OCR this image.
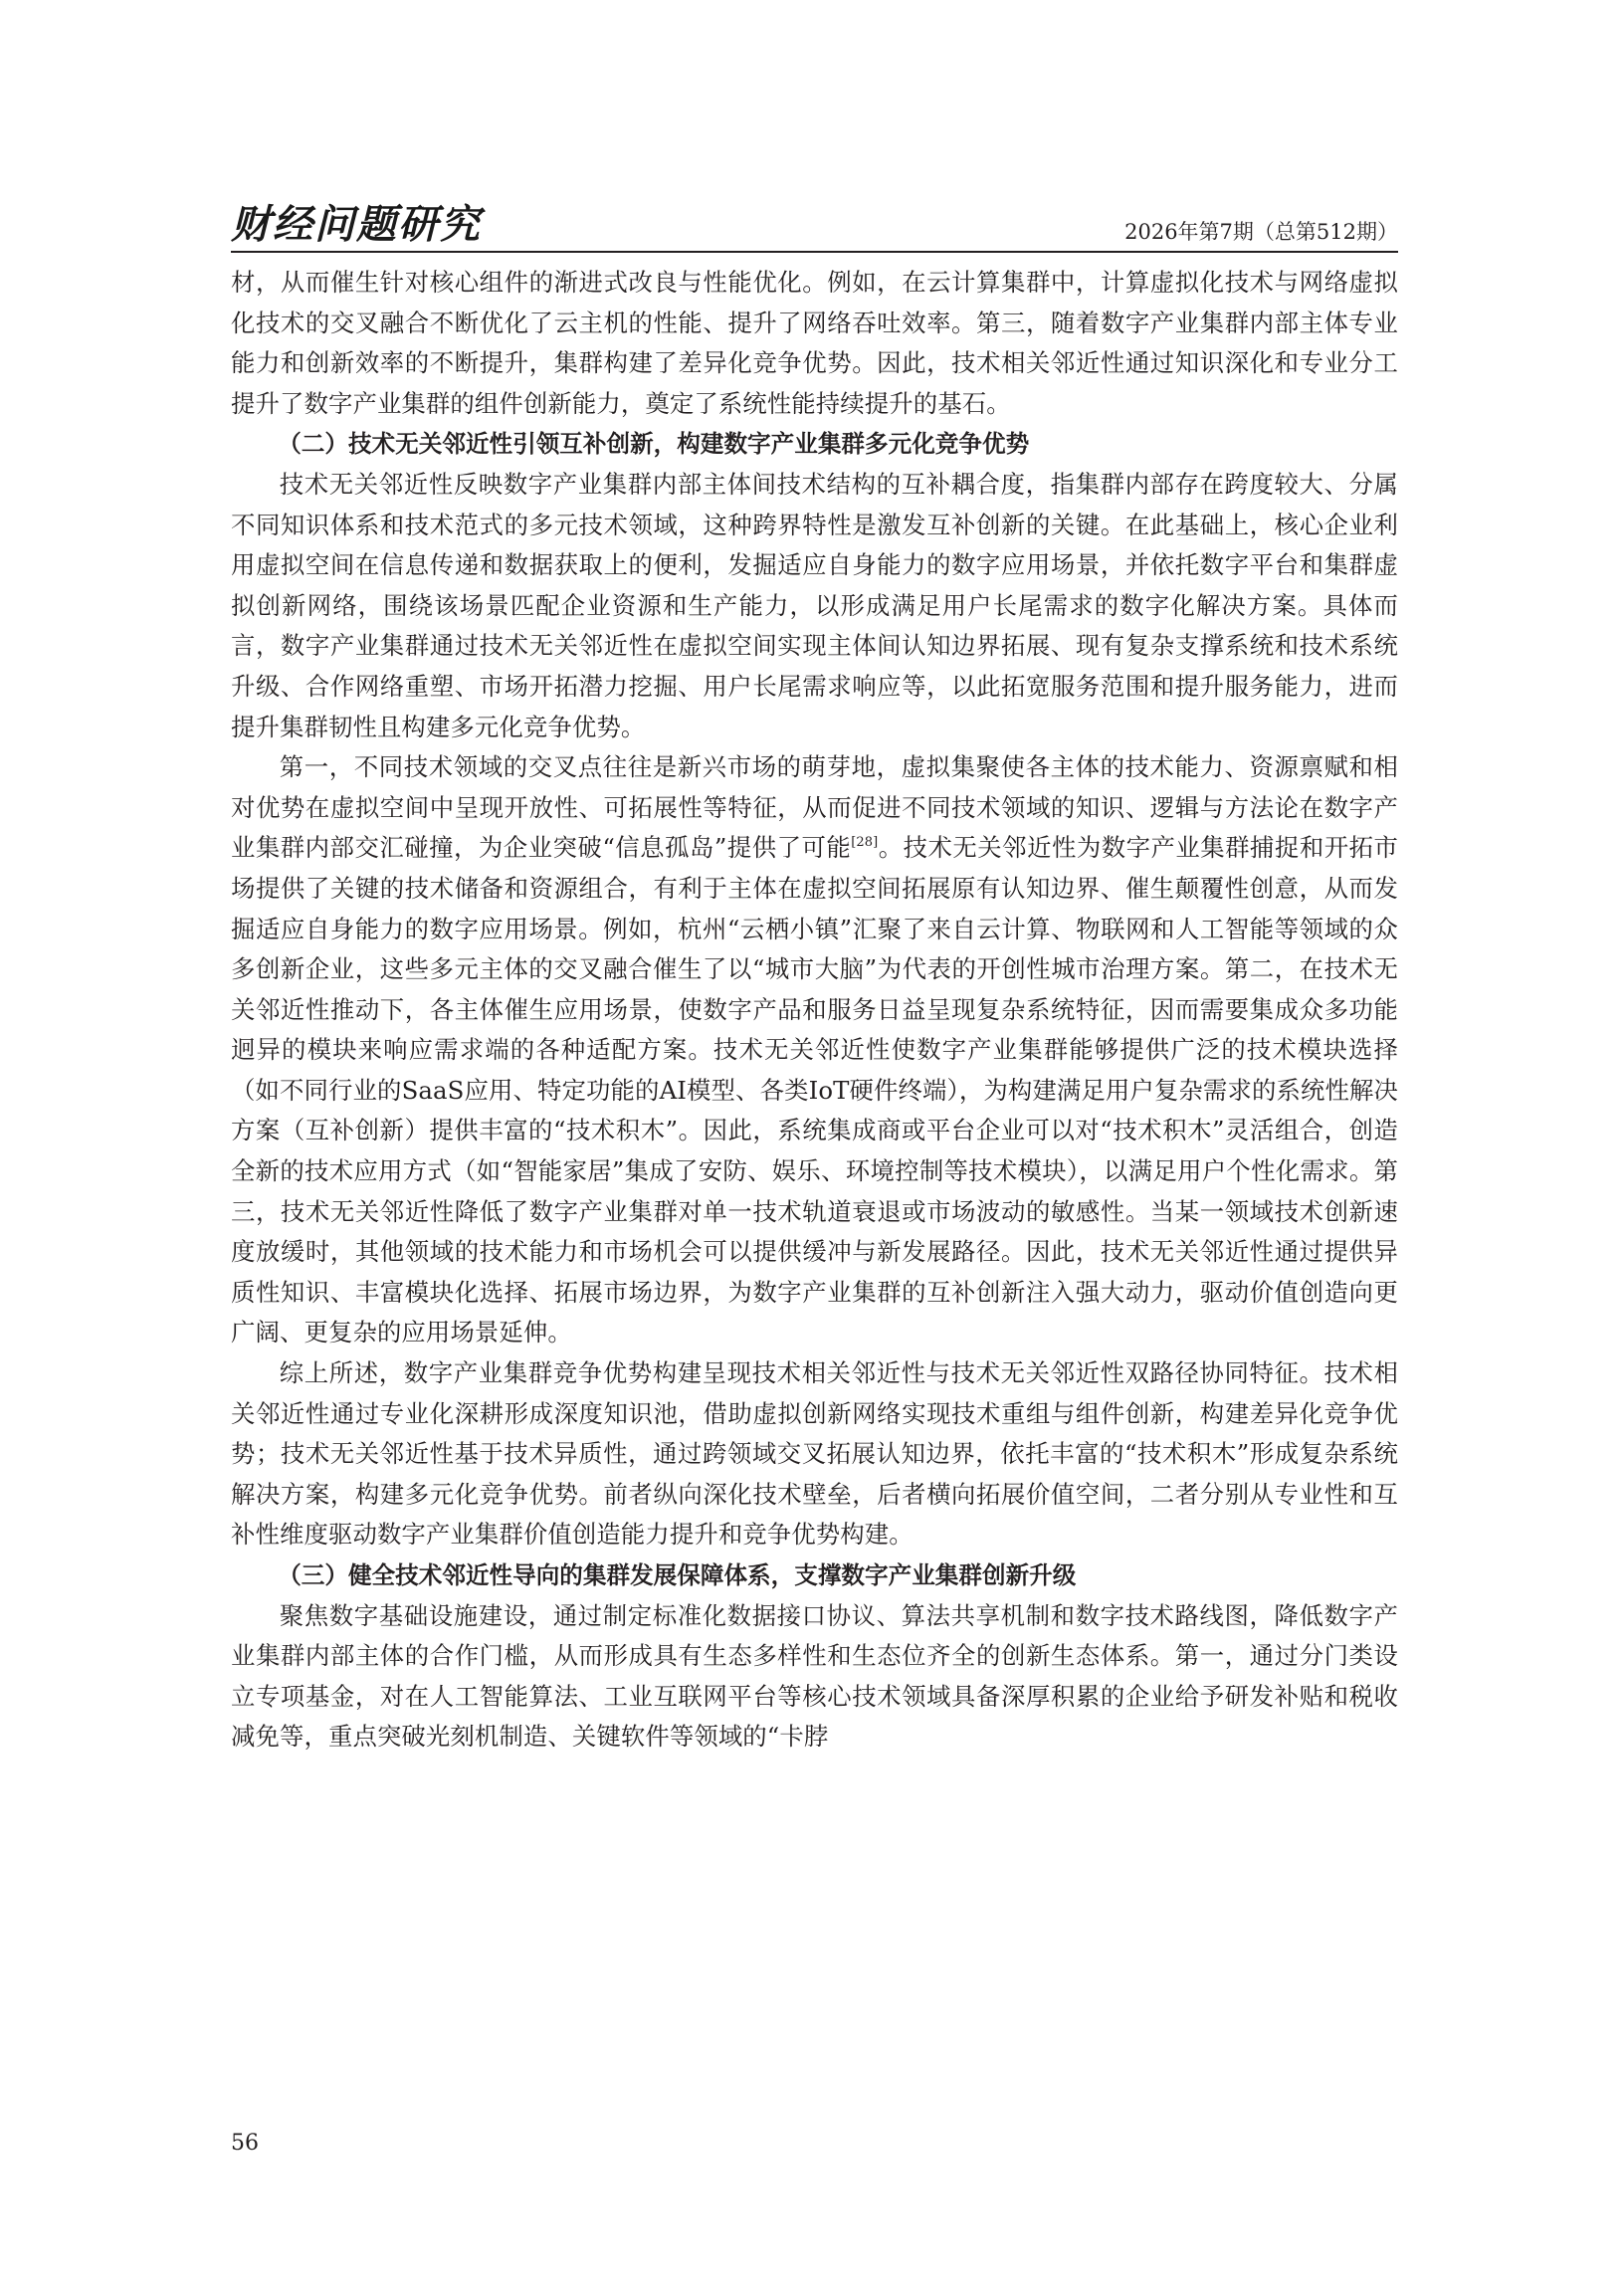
财经问题研究	2026年第7期（总第512期）

材，从而催生针对核心组件的渐进式改良与性能优化。例如，在云计算集群中，计算虚拟化技术与网络虚拟化技术的交叉融合不断优化了云主机的性能、提升了网络吞吐效率。第三，随着数字产业集群内部主体专业能力和创新效率的不断提升，集群构建了差异化竞争优势。因此，技术相关邻近性通过知识深化和专业分工提升了数字产业集群的组件创新能力，奠定了系统性能持续提升的基石。

（二）技术无关邻近性引领互补创新，构建数字产业集群多元化竞争优势

技术无关邻近性反映数字产业集群内部主体间技术结构的互补耦合度，指集群内部存在跨度较大、分属不同知识体系和技术范式的多元技术领域，这种跨界特性是激发互补创新的关键。在此基础上，核心企业利用虚拟空间在信息传递和数据获取上的便利，发掘适应自身能力的数字应用场景，并依托数字平台和集群虚拟创新网络，围绕该场景匹配企业资源和生产能力，以形成满足用户长尾需求的数字化解决方案。具体而言，数字产业集群通过技术无关邻近性在虚拟空间实现主体间认知边界拓展、现有复杂支撑系统和技术系统升级、合作网络重塑、市场开拓潜力挖掘、用户长尾需求响应等，以此拓宽服务范围和提升服务能力，进而提升集群韧性且构建多元化竞争优势。

第一，不同技术领域的交叉点往往是新兴市场的萌芽地，虚拟集聚使各主体的技术能力、资源禀赋和相对优势在虚拟空间中呈现开放性、可拓展性等特征，从而促进不同技术领域的知识、逻辑与方法论在数字产业集群内部交汇碰撞，为企业突破“信息孤岛”提供了可能[28]。技术无关邻近性为数字产业集群捕捉和开拓市场提供了关键的技术储备和资源组合，有利于主体在虚拟空间拓展原有认知边界、催生颠覆性创意，从而发掘适应自身能力的数字应用场景。例如，杭州“云栖小镇”汇聚了来自云计算、物联网和人工智能等领域的众多创新企业，这些多元主体的交叉融合催生了以“城市大脑”为代表的开创性城市治理方案。第二，在技术无关邻近性推动下，各主体催生应用场景，使数字产品和服务日益呈现复杂系统特征，因而需要集成众多功能迥异的模块来响应需求端的各种适配方案。技术无关邻近性使数字产业集群能够提供广泛的技术模块选择（如不同行业的SaaS应用、特定功能的AI模型、各类IoT硬件终端），为构建满足用户复杂需求的系统性解决方案（互补创新）提供丰富的“技术积木”。因此，系统集成商或平台企业可以对“技术积木”灵活组合，创造全新的技术应用方式（如“智能家居”集成了安防、娱乐、环境控制等技术模块），以满足用户个性化需求。第三，技术无关邻近性降低了数字产业集群对单一技术轨道衰退或市场波动的敏感性。当某一领域技术创新速度放缓时，其他领域的技术能力和市场机会可以提供缓冲与新发展路径。因此，技术无关邻近性通过提供异质性知识、丰富模块化选择、拓展市场边界，为数字产业集群的互补创新注入强大动力，驱动价值创造向更广阔、更复杂的应用场景延伸。

综上所述，数字产业集群竞争优势构建呈现技术相关邻近性与技术无关邻近性双路径协同特征。技术相关邻近性通过专业化深耕形成深度知识池，借助虚拟创新网络实现技术重组与组件创新，构建差异化竞争优势；技术无关邻近性基于技术异质性，通过跨领域交叉拓展认知边界，依托丰富的“技术积木”形成复杂系统解决方案，构建多元化竞争优势。前者纵向深化技术壁垒，后者横向拓展价值空间，二者分别从专业性和互补性维度驱动数字产业集群价值创造能力提升和竞争优势构建。

（三）健全技术邻近性导向的集群发展保障体系，支撑数字产业集群创新升级

聚焦数字基础设施建设，通过制定标准化数据接口协议、算法共享机制和数字技术路线图，降低数字产业集群内部主体的合作门槛，从而形成具有生态多样性和生态位齐全的创新生态体系。第一，通过分门类设立专项基金，对在人工智能算法、工业互联网平台等核心技术领域具备深厚积累的企业给予研发补贴和税收减免等，重点突破光刻机制造、关键软件等领域的“卡脖

56
